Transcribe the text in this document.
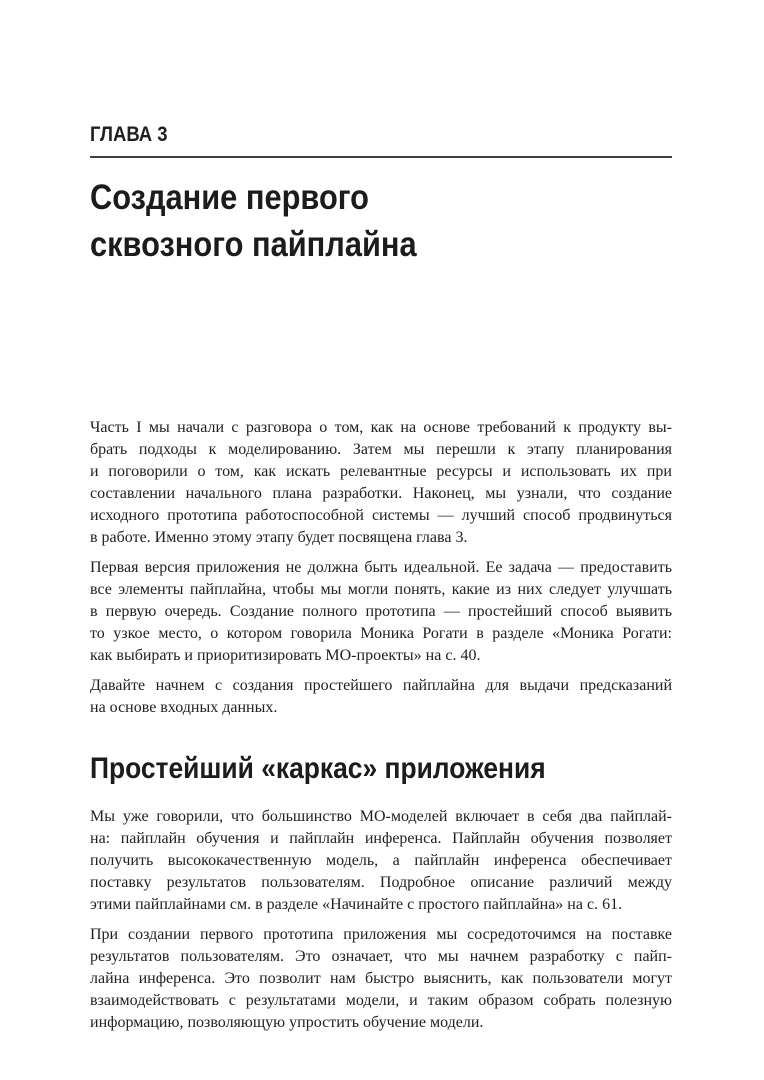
ГЛАВА 3
Создание первого
сквозного пайплайна
Часть I мы начали с разговора о том, как на основе требований к продукту вы-
брать подходы к моделированию. Затем мы перешли к этапу планирования
и поговорили о том, как искать релевантные ресурсы и использовать их при
составлении начального плана разработки. Наконец, мы узнали, что создание
исходного прототипа работоспособной системы — лучший способ продвинуться
в работе. Именно этому этапу будет посвящена глава 3.
Первая версия приложения не должна быть идеальной. Ее задача — предоставить
все элементы пайплайна, чтобы мы могли понять, какие из них следует улучшать
в первую очередь. Создание полного прототипа — простейший способ выявить
то узкое место, о котором говорила Моника Рогати в разделе «Моника Рогати:
как выбирать и приоритизировать МО-проекты» на с. 40.
Давайте начнем с создания простейшего пайплайна для выдачи предсказаний
на основе входных данных.
Простейший «каркас» приложения
Мы уже говорили, что большинство МО-моделей включает в себя два пайплай-
на: пайплайн обучения и пайплайн инференса. Пайплайн обучения позволяет
получить высококачественную модель, а пайплайн инференса обеспечивает
поставку результатов пользователям. Подробное описание различий между
этими пайплайнами см. в разделе «Начинайте с простого пайплайна» на с. 61.
При создании первого прототипа приложения мы сосредоточимся на поставке
результатов пользователям. Это означает, что мы начнем разработку с пайп-
лайна инференса. Это позволит нам быстро выяснить, как пользователи могут
взаимодействовать с результатами модели, и таким образом собрать полезную
информацию, позволяющую упростить обучение модели.
